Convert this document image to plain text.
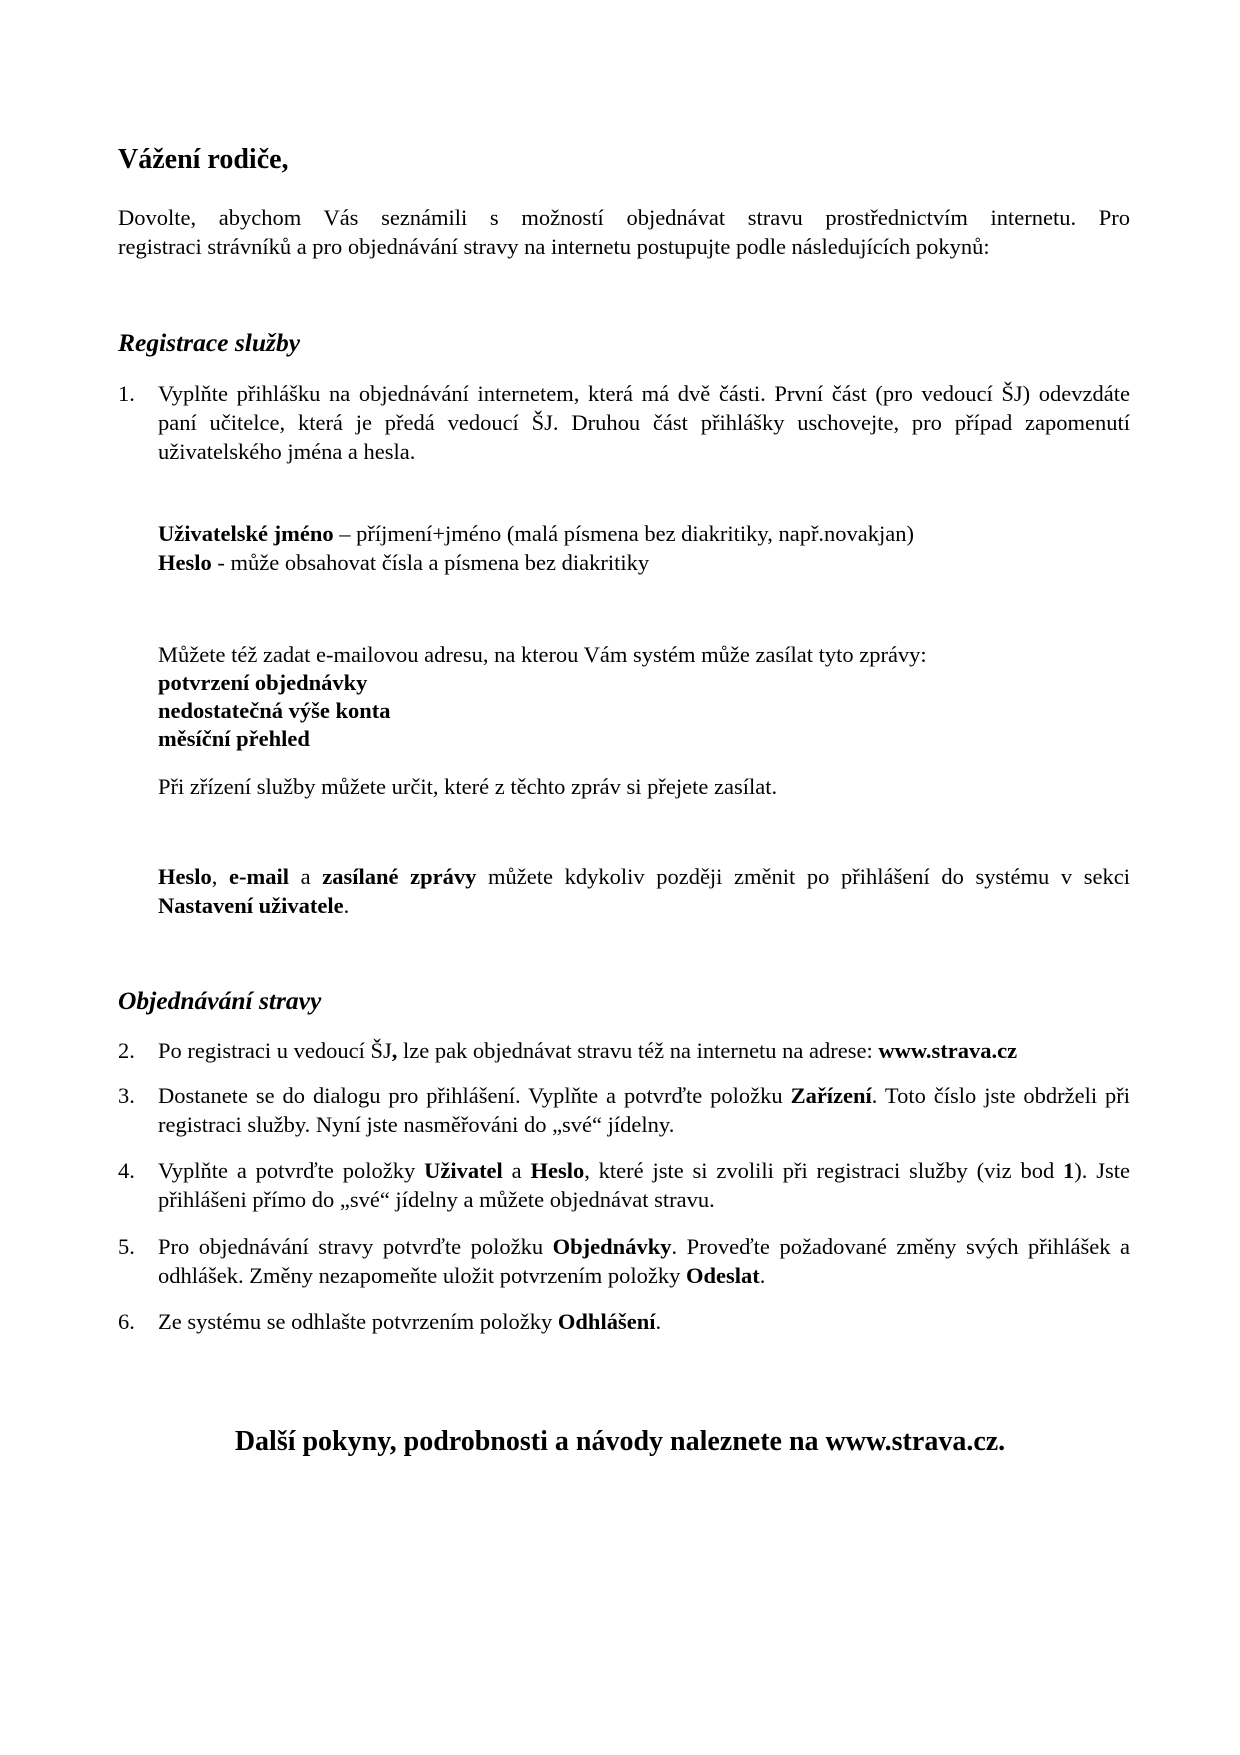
Vážení rodiče,
Dovolte, abychom Vás seznámili s možností objednávat stravu prostřednictvím internetu. Pro
registraci strávníků a pro objednávání stravy na internetu postupujte podle následujících pokynů:
Registrace služby
1. Vyplňte přihlášku na objednávání internetem, která má dvě části. První část (pro vedoucí ŠJ) odevzdáte paní učitelce, která je předá vedoucí ŠJ. Druhou část přihlášky uschovejte, pro případ zapomenutí uživatelského jména a hesla.

Uživatelské jméno – příjmení+jméno (malá písmena bez diakritiky, např.novakjan)
Heslo - může obsahovat čísla a písmena bez diakritiky

Můžete též zadat e-mailovou adresu, na kterou Vám systém může zasílat tyto zprávy:

potvrzení objednávky
nedostatečná výše konta
měsíční přehled

Při zřízení služby můžete určit, které z těchto zpráv si přejete zasílat.

Heslo, e-mail a zasílané zprávy můžete kdykoliv později změnit po přihlášení do systému v sekci Nastavení uživatele.

Objednávání stravy
2. Po registraci u vedoucí ŠJ, lze pak objednávat stravu též na internetu na adrese: www.strava.cz

3. Dostanete se do dialogu pro přihlášení. Vyplňte a potvrďte položku Zařízení. Toto číslo jste obdrželi při registraci služby. Nyní jste nasměřováni do „své“ jídelny.

4. Vyplňte a potvrďte položky Uživatel a Heslo, které jste si zvolili při registraci služby (viz bod 1). Jste přihlášeni přímo do „své“ jídelny a můžete objednávat stravu.

5. Pro objednávání stravy potvrďte položku Objednávky. Proveďte požadované změny svých přihlášek a odhlášek. Změny nezapomeňte uložit potvrzením položky Odeslat.

6. Ze systému se odhlašte potvrzením položky Odhlášení.

Další pokyny, podrobnosti a návody naleznete na www.strava.cz.
